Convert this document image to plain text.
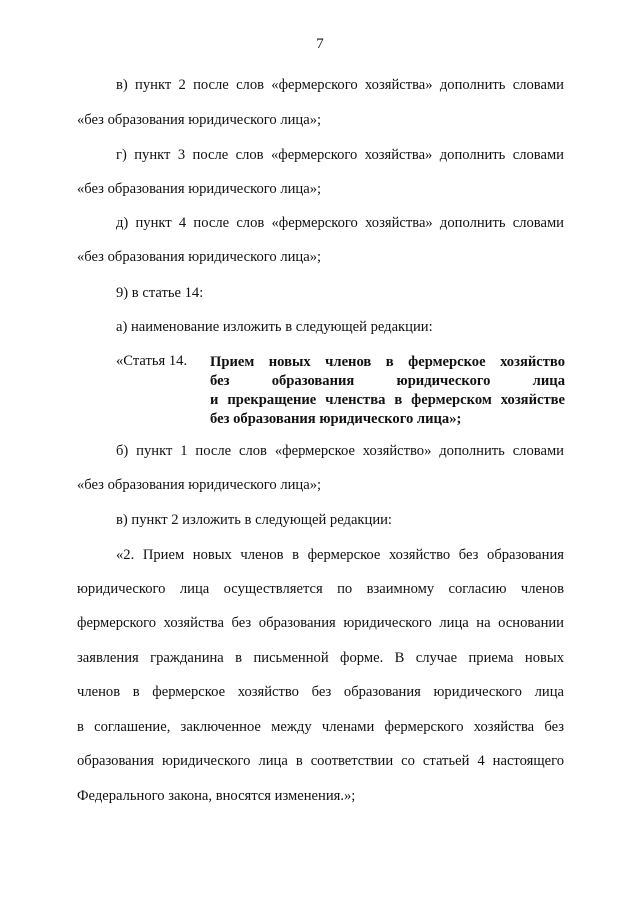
7
в) пункт 2 после слов «фермерского хозяйства» дополнить словами
«без образования юридического лица»;
г) пункт 3 после слов «фермерского хозяйства» дополнить словами
«без образования юридического лица»;
д) пункт 4 после слов «фермерского хозяйства» дополнить словами
«без образования юридического лица»;
9) в статье 14:
а) наименование изложить в следующей редакции:
«Статья 14. Прием новых членов в фермерское хозяйство
без образования юридического лица
и прекращение членства в фермерском хозяйстве
без образования юридического лица»;
б) пункт 1 после слов «фермерское хозяйство» дополнить словами
«без образования юридического лица»;
в) пункт 2 изложить в следующей редакции:
«2. Прием новых членов в фермерское хозяйство без образования
юридического лица осуществляется по взаимному согласию членов
фермерского хозяйства без образования юридического лица на основании
заявления гражданина в письменной форме. В случае приема новых
членов в фермерское хозяйство без образования юридического лица
в соглашение, заключенное между членами фермерского хозяйства без
образования юридического лица в соответствии со статьей 4 настоящего
Федерального закона, вносятся изменения.»;
